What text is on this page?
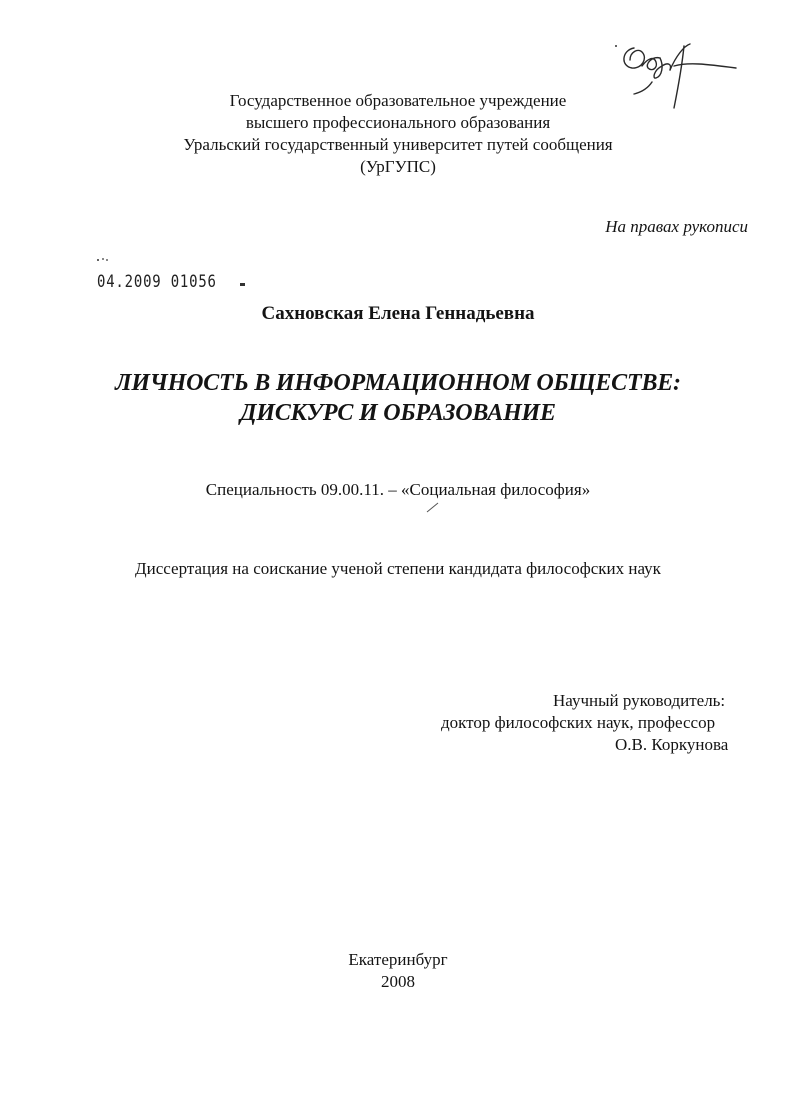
Государственное образовательное учреждение
высшего профессионального образования
Уральский государственный университет путей сообщения
(УрГУПС)
На правах рукописи
04.2009 01056
Сахновская Елена Геннадьевна
ЛИЧНОСТЬ В ИНФОРМАЦИОННОМ ОБЩЕСТВЕ:
ДИСКУРС И ОБРАЗОВАНИЕ
Специальность 09.00.11. – «Социальная философия»
Диссертация на соискание ученой степени кандидата философских наук
Научный руководитель:
доктор философских наук, профессор
О.В. Коркунова
Екатеринбург
2008
